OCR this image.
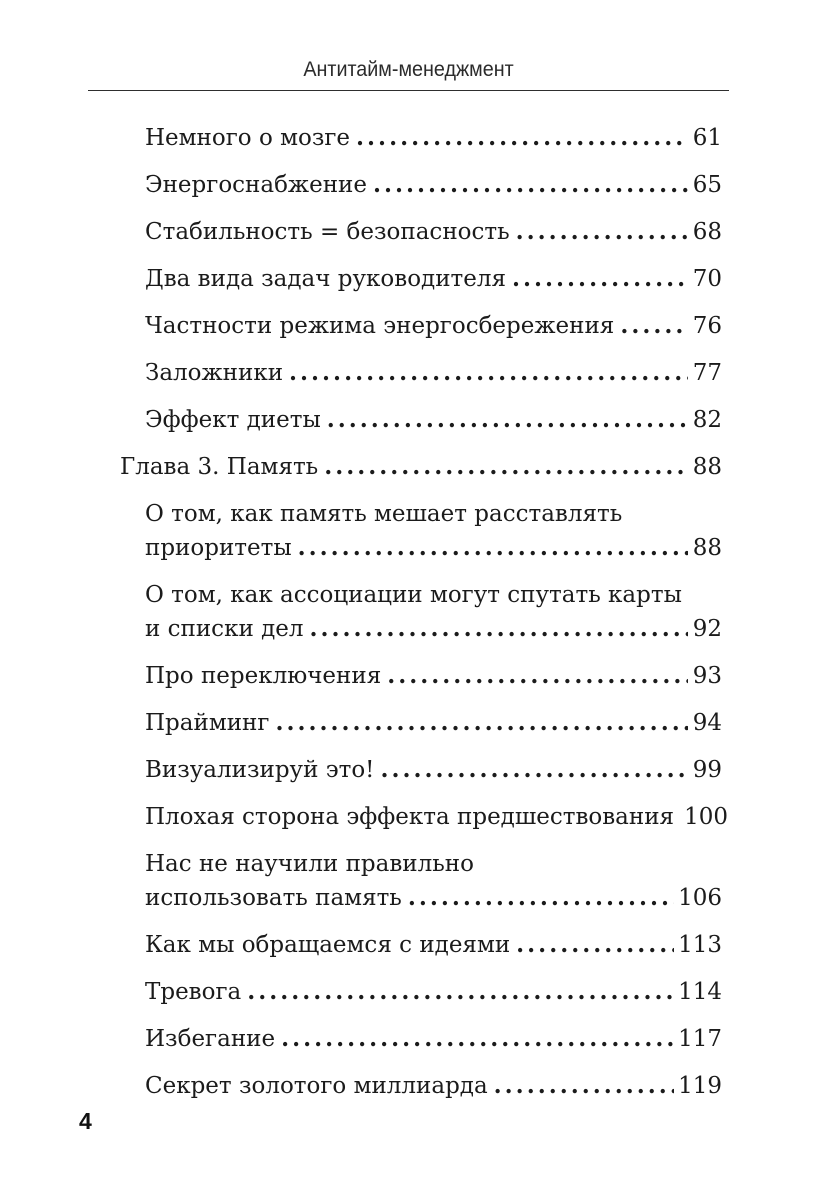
Антитайм-менеджмент
Немного о мозге .....	61
Энергоснабжение .....	65
Стабильность = безопасность .....	68
Два вида задач руководителя .....	70
Частности режима энергосбережения .....	76
Заложники .....	77
Эффект диеты .....	82
Глава 3. Память .....	88
О том, как память мешает расставлять
приоритеты .....	88
О том, как ассоциации могут спутать карты
и списки дел .....	92
Про переключения .....	93
Прайминг .....	94
Визуализируй это! .....	99
Плохая сторона эффекта предшествования 100
Нас не научили правильно
использовать память .....	106
Как мы обращаемся с идеями .....	113
Тревога .....	114
Избегание .....	117
Секрет золотого миллиарда .....	119
4
